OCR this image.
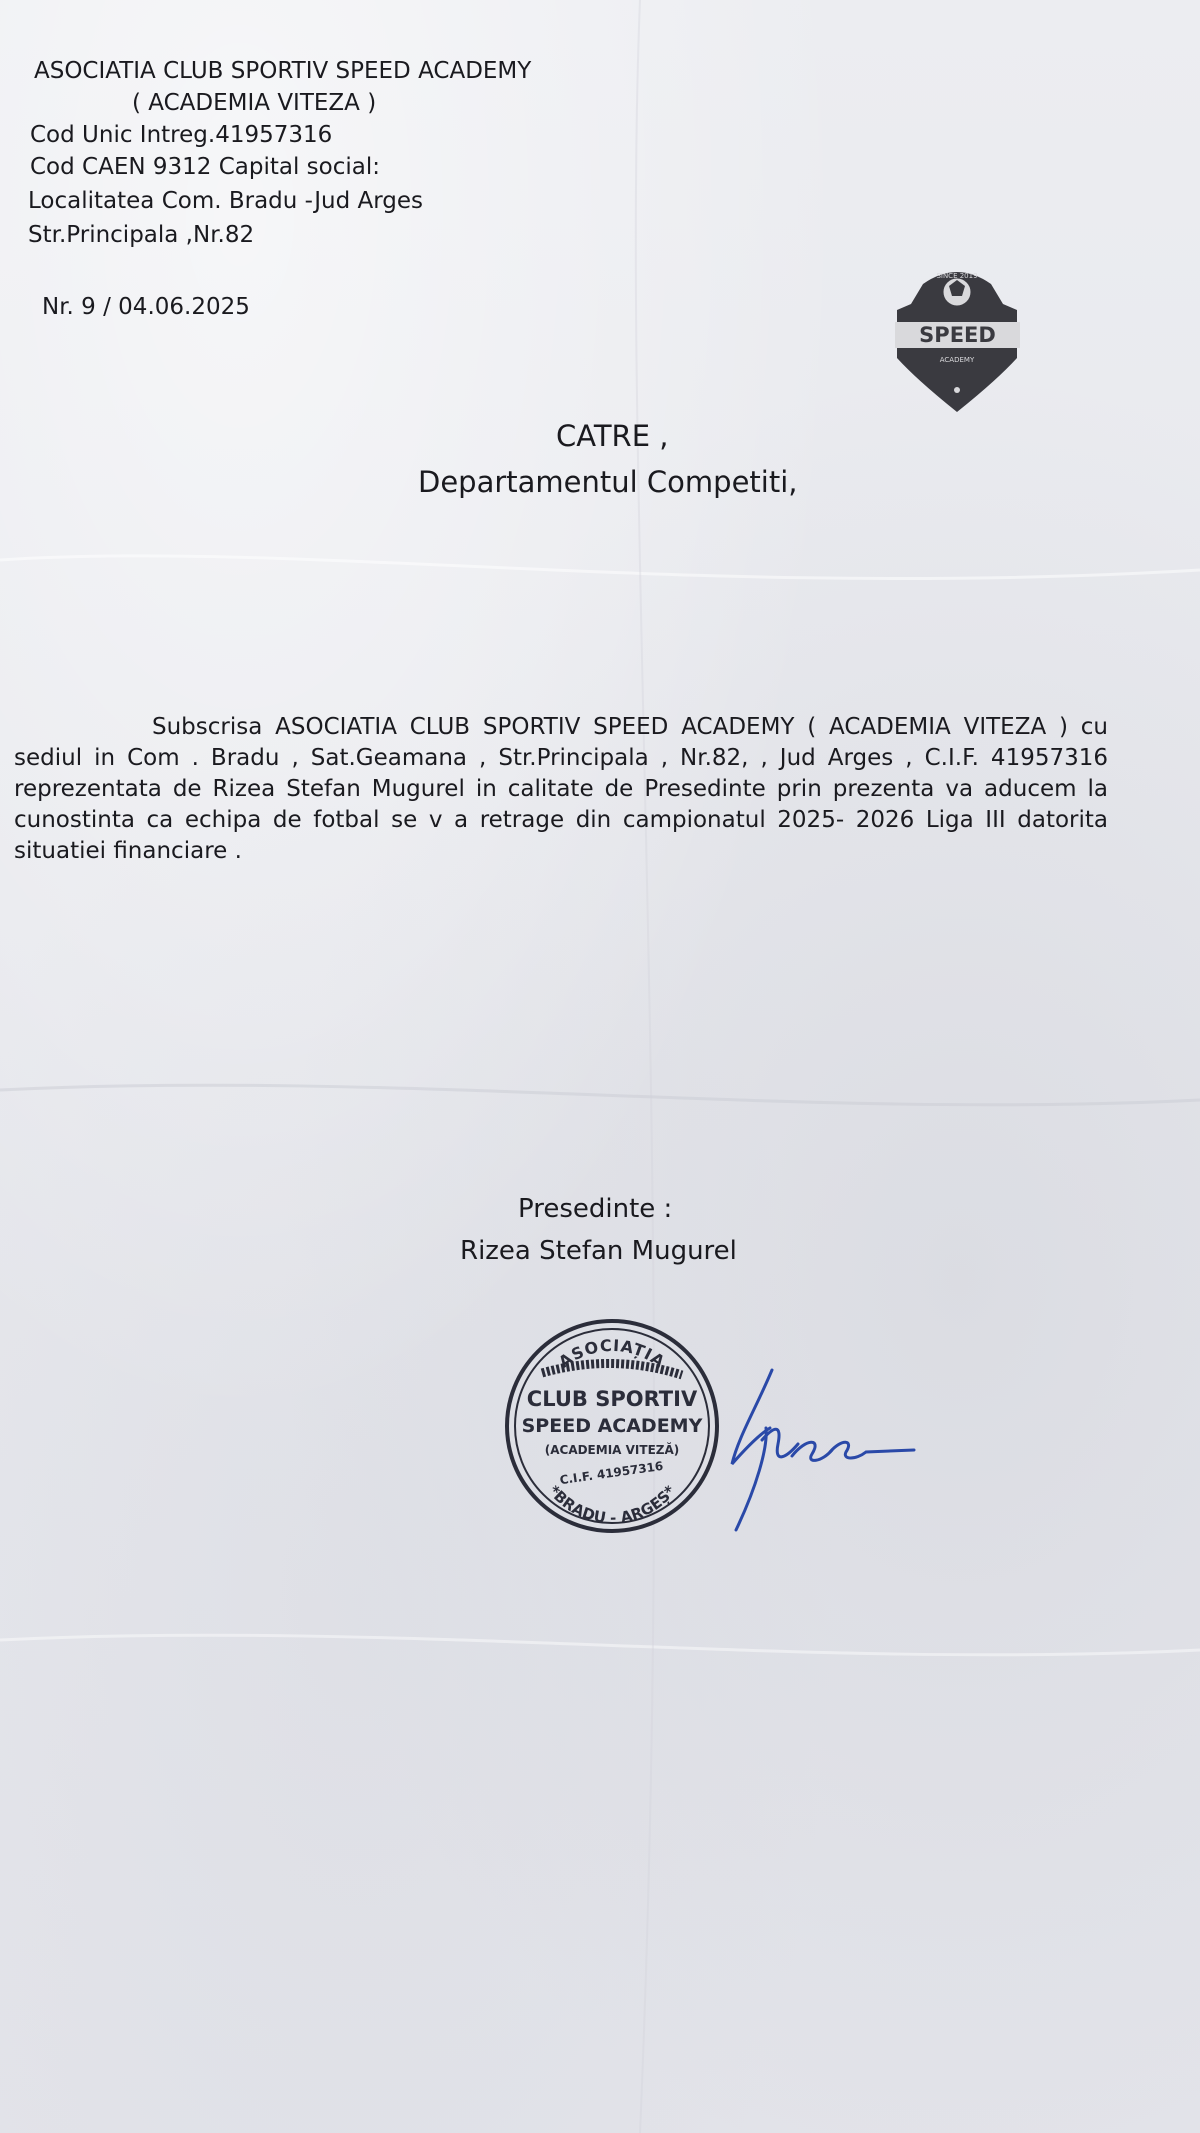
ASOCIATIA CLUB SPORTIV SPEED ACADEMY
( ACADEMIA VITEZA )
Cod Unic Intreg.41957316
Cod CAEN 9312 Capital social:
Localitatea Com. Bradu -Jud Arges
Str.Principala ,Nr.82
Nr. 9 / 04.06.2025
SINCE 2019
SPEED
ACADEMY
CATRE ,
Departamentul Competiti,

Subscrisa ASOCIATIA CLUB SPORTIV SPEED ACADEMY ( ACADEMIA VITEZA ) cu sediul in Com . Bradu , Sat.Geamana , Str.Principala , Nr.82, , Jud Arges , C.I.F. 41957316 reprezentata de Rizea Stefan Mugurel in calitate de Presedinte prin prezenta va aducem la cunostinta ca echipa de fotbal se v a retrage din campionatul 2025- 2026 Liga III datorita situatiei financiare .

Presedinte :
Rizea Stefan Mugurel
ASOCIAȚIA
CLUB SPORTIV
SPEED ACADEMY
(ACADEMIA VITEZĂ)
C.I.F. 41957316
*BRADU - ARGEȘ*
